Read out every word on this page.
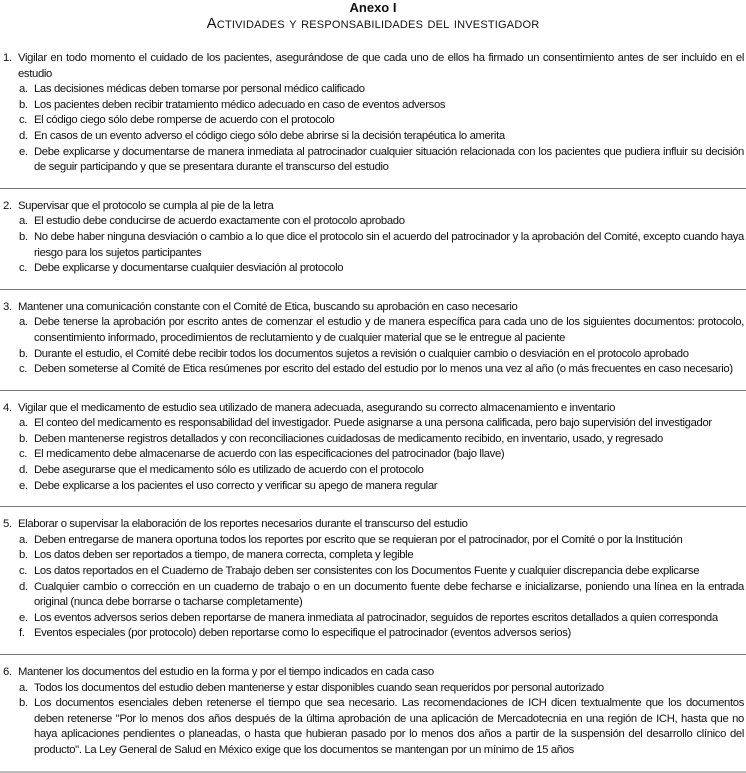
Anexo I
Actividades y responsabilidades del investigador
1. Vigilar en todo momento el cuidado de los pacientes, asegurándose de que cada uno de ellos ha firmado un consentimiento antes de ser incluido en el estudio
a. Las decisiones médicas deben tomarse por personal médico calificado
b. Los pacientes deben recibir tratamiento médico adecuado en caso de eventos adversos
c. El código ciego sólo debe romperse de acuerdo con el protocolo
d. En casos de un evento adverso el código ciego sólo debe abrirse si la decisión terapéutica lo amerita
e. Debe explicarse y documentarse de manera inmediata al patrocinador cualquier situación relacionada con los pacientes que pudiera influir su decisión de seguir participando y que se presentara durante el transcurso del estudio
2. Supervisar que el protocolo se cumpla al pie de la letra
a. El estudio debe conducirse de acuerdo exactamente con el protocolo aprobado
b. No debe haber ninguna desviación o cambio a lo que dice el protocolo sin el acuerdo del patrocinador y la aprobación del Comité, excepto cuando haya riesgo para los sujetos participantes
c. Debe explicarse y documentarse cualquier desviación al protocolo
3. Mantener una comunicación constante con el Comité de Etica, buscando su aprobación en caso necesario
a. Debe tenerse la aprobación por escrito antes de comenzar el estudio y de manera específica para cada uno de los siguientes documentos: protocolo, consentimiento informado, procedimientos de reclutamiento y de cualquier material que se le entregue al paciente
b. Durante el estudio, el Comité debe recibir todos los documentos sujetos a revisión o cualquier cambio o desviación en el protocolo aprobado
c. Deben someterse al Comité de Etica resúmenes por escrito del estado del estudio por lo menos una vez al año (o más frecuentes en caso necesario)
4. Vigilar que el medicamento de estudio sea utilizado de manera adecuada, asegurando su correcto almacenamiento e inventario
a. El conteo del medicamento es responsabilidad del investigador. Puede asignarse a una persona calificada, pero bajo supervisión del investigador
b. Deben mantenerse registros detallados y con reconciliaciones cuidadosas de medicamento recibido, en inventario, usado, y regresado
c. El medicamento debe almacenarse de acuerdo con las especificaciones del patrocinador (bajo llave)
d. Debe asegurarse que el medicamento sólo es utilizado de acuerdo con el protocolo
e. Debe explicarse a los pacientes el uso correcto y verificar su apego de manera regular
5. Elaborar o supervisar la elaboración de los reportes necesarios durante el transcurso del estudio
a. Deben entregarse de manera oportuna todos los reportes por escrito que se requieran por el patrocinador, por el Comité o por la Institución
b. Los datos deben ser reportados a tiempo, de manera correcta, completa y legible
c. Los datos reportados en el Cuaderno de Trabajo deben ser consistentes con los Documentos Fuente y cualquier discrepancia debe explicarse
d. Cualquier cambio o corrección en un cuaderno de trabajo o en un documento fuente debe fecharse e inicializarse, poniendo una línea en la entrada original (nunca debe borrarse o tacharse completamente)
e. Los eventos adversos serios deben reportarse de manera inmediata al patrocinador, seguidos de reportes escritos detallados a quien corresponda
f. Eventos especiales (por protocolo) deben reportarse como lo especifique el patrocinador (eventos adversos serios)
6. Mantener los documentos del estudio en la forma y por el tiempo indicados en cada caso
a. Todos los documentos del estudio deben mantenerse y estar disponibles cuando sean requeridos por personal autorizado
b. Los documentos esenciales deben retenerse el tiempo que sea necesario. Las recomendaciones de ICH dicen textualmente que los documentos deben retenerse "Por lo menos dos años después de la última aprobación de una aplicación de Mercadotecnia en una región de ICH, hasta que no haya aplicaciones pendientes o planeadas, o hasta que hubieran pasado por lo menos dos años a partir de la suspensión del desarrollo clínico del producto". La Ley General de Salud en México exige que los documentos se mantengan por un mínimo de 15 años
